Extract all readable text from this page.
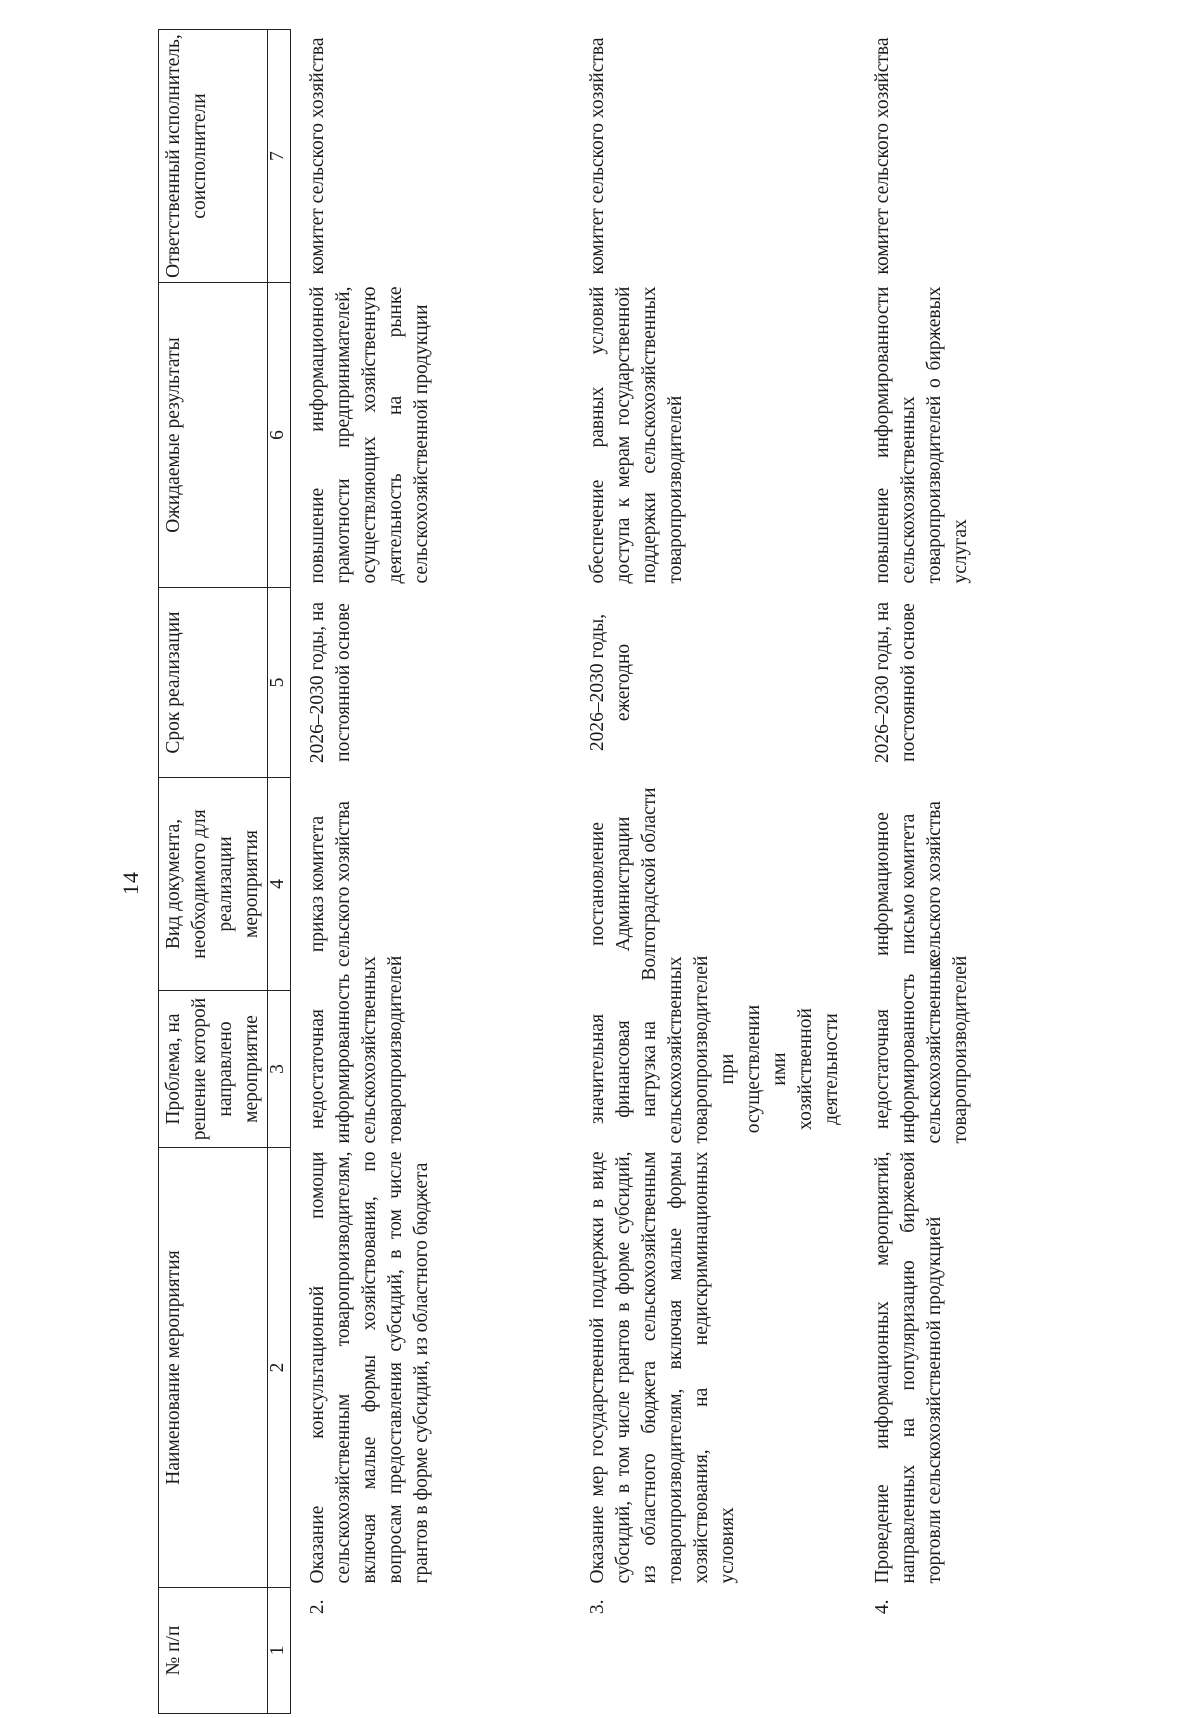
14
№ п/п	Наименование мероприятия	Проблема, на решение которой направлено мероприятие	Вид документа, необходимого для реализации мероприятия	Срок реализации	Ожидаемые результаты	Ответственный исполнитель, соисполнители
1	2	3	4	5	6	7
2.	Оказание консультационной помощи сельскохозяйственным товаропроизводителям, включая малые формы хозяйствования, по вопросам предоставления субсидий, в том числе грантов в форме субсидий, из областного бюджета	недостаточная информированность сельскохозяйственных товаропроизводителей	приказ комитета сельского хозяйства	2026–2030 годы, на постоянной основе	повышение информационной грамотности предпринимателей, осуществляющих хозяйственную деятельность на рынке сельскохозяйственной продукции	комитет сельского хозяйства
3.	Оказание мер государственной поддержки в виде субсидий, в том числе грантов в форме субсидий, из областного бюджета сельскохозяйственным товаропроизводителям, включая малые формы хозяйствования, на недискриминационных условиях	значительная финансовая нагрузка на сельскохозяйственных товаропроизводителей при осуществлении ими хозяйственной деятельности	постановление Администрации Волгоградской области	2026–2030 годы, ежегодно	обеспечение равных условий доступа к мерам государственной поддержки сельскохозяйственных товаропроизводителей	комитет сельского хозяйства
4.	Проведение информационных мероприятий, направленных на популяризацию биржевой торговли сельскохозяйственной продукцией	недостаточная информированность сельскохозяйственных товаропроизводителей	информационное письмо комитета сельского хозяйства	2026–2030 годы, на постоянной основе	повышение информированности сельскохозяйственных товаропроизводителей о биржевых услугах	комитет сельского хозяйства
